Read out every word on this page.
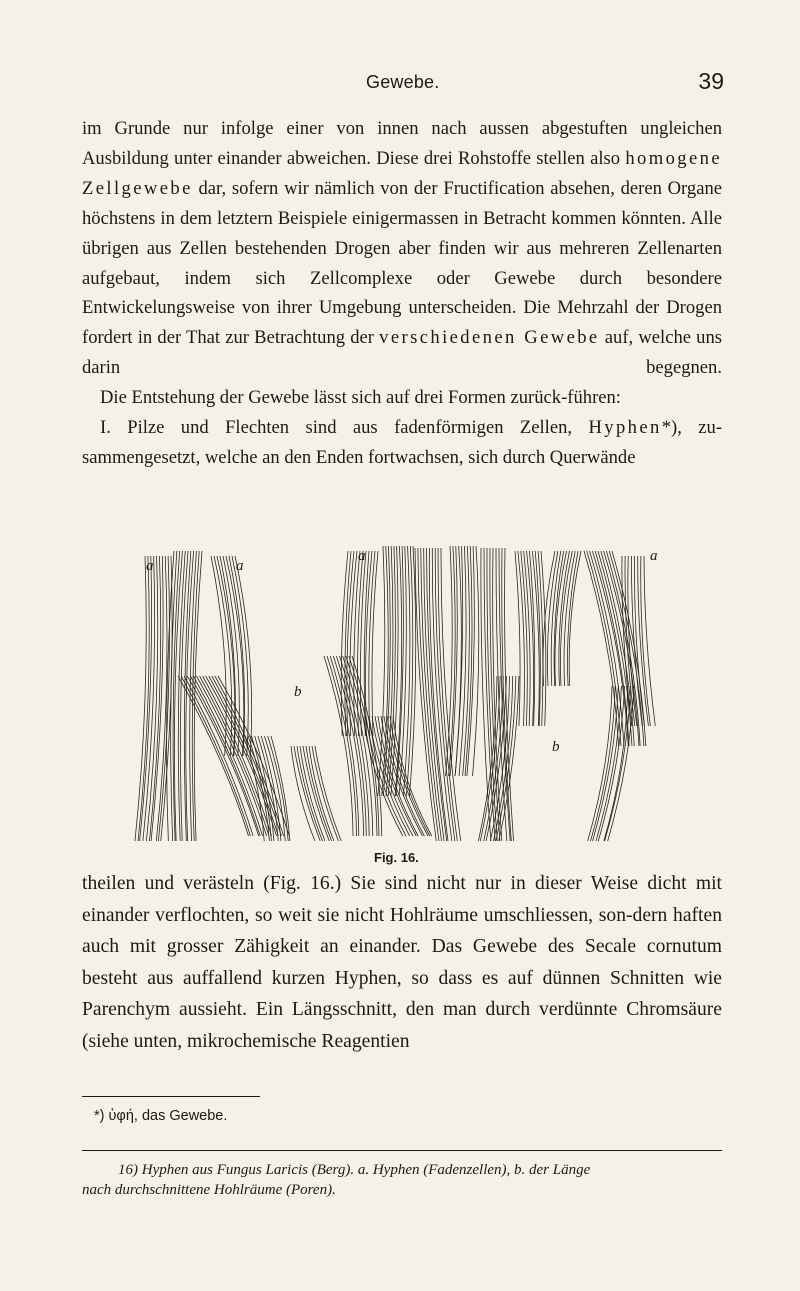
Gewebe.	39

im Grunde nur infolge einer von innen nach aussen abgestuften ungleichen Ausbildung unter einander abweichen. Diese drei Rohstoffe stellen also homogene Zellgewebe dar, sofern wir nämlich von der Fructification absehen, deren Organe höchstens in dem letztern Beispiele einigermassen in Betracht kommen könnten. Alle übrigen aus Zellen bestehenden Drogen aber finden wir aus mehreren Zellenarten aufgebaut, indem sich Zellcomplexe oder Gewebe durch besondere Entwickelungsweise von ihrer Umgebung unterscheiden. Die Mehrzahl der Drogen fordert in der That zur Betrachtung der verschiedenen Gewebe auf, welche uns darin begegnen.

Die Entstehung der Gewebe lässt sich auf drei Formen zurück-führen:

I. Pilze und Flechten sind aus fadenförmigen Zellen, Hyphen*), zu-sammengesetzt, welche an den Enden fortwachsen, sich durch Querwände

a	a
a	a
b
b
Fig. 16.

theilen und verästeln (Fig. 16.) Sie sind nicht nur in dieser Weise dicht mit einander verflochten, so weit sie nicht Hohlräume umschliessen, son-dern haften auch mit grosser Zähigkeit an einander. Das Gewebe des Secale cornutum besteht aus auffallend kurzen Hyphen, so dass es auf dünnen Schnitten wie Parenchym aussieht. Ein Längsschnitt, den man durch verdünnte Chromsäure (siehe unten, mikrochemische Reagentien

*) ὑφή, das Gewebe.
16) Hyphen aus Fungus Laricis (Berg). a. Hyphen (Fadenzellen), b. der Länge
nach durchschnittene Hohlräume (Poren).
